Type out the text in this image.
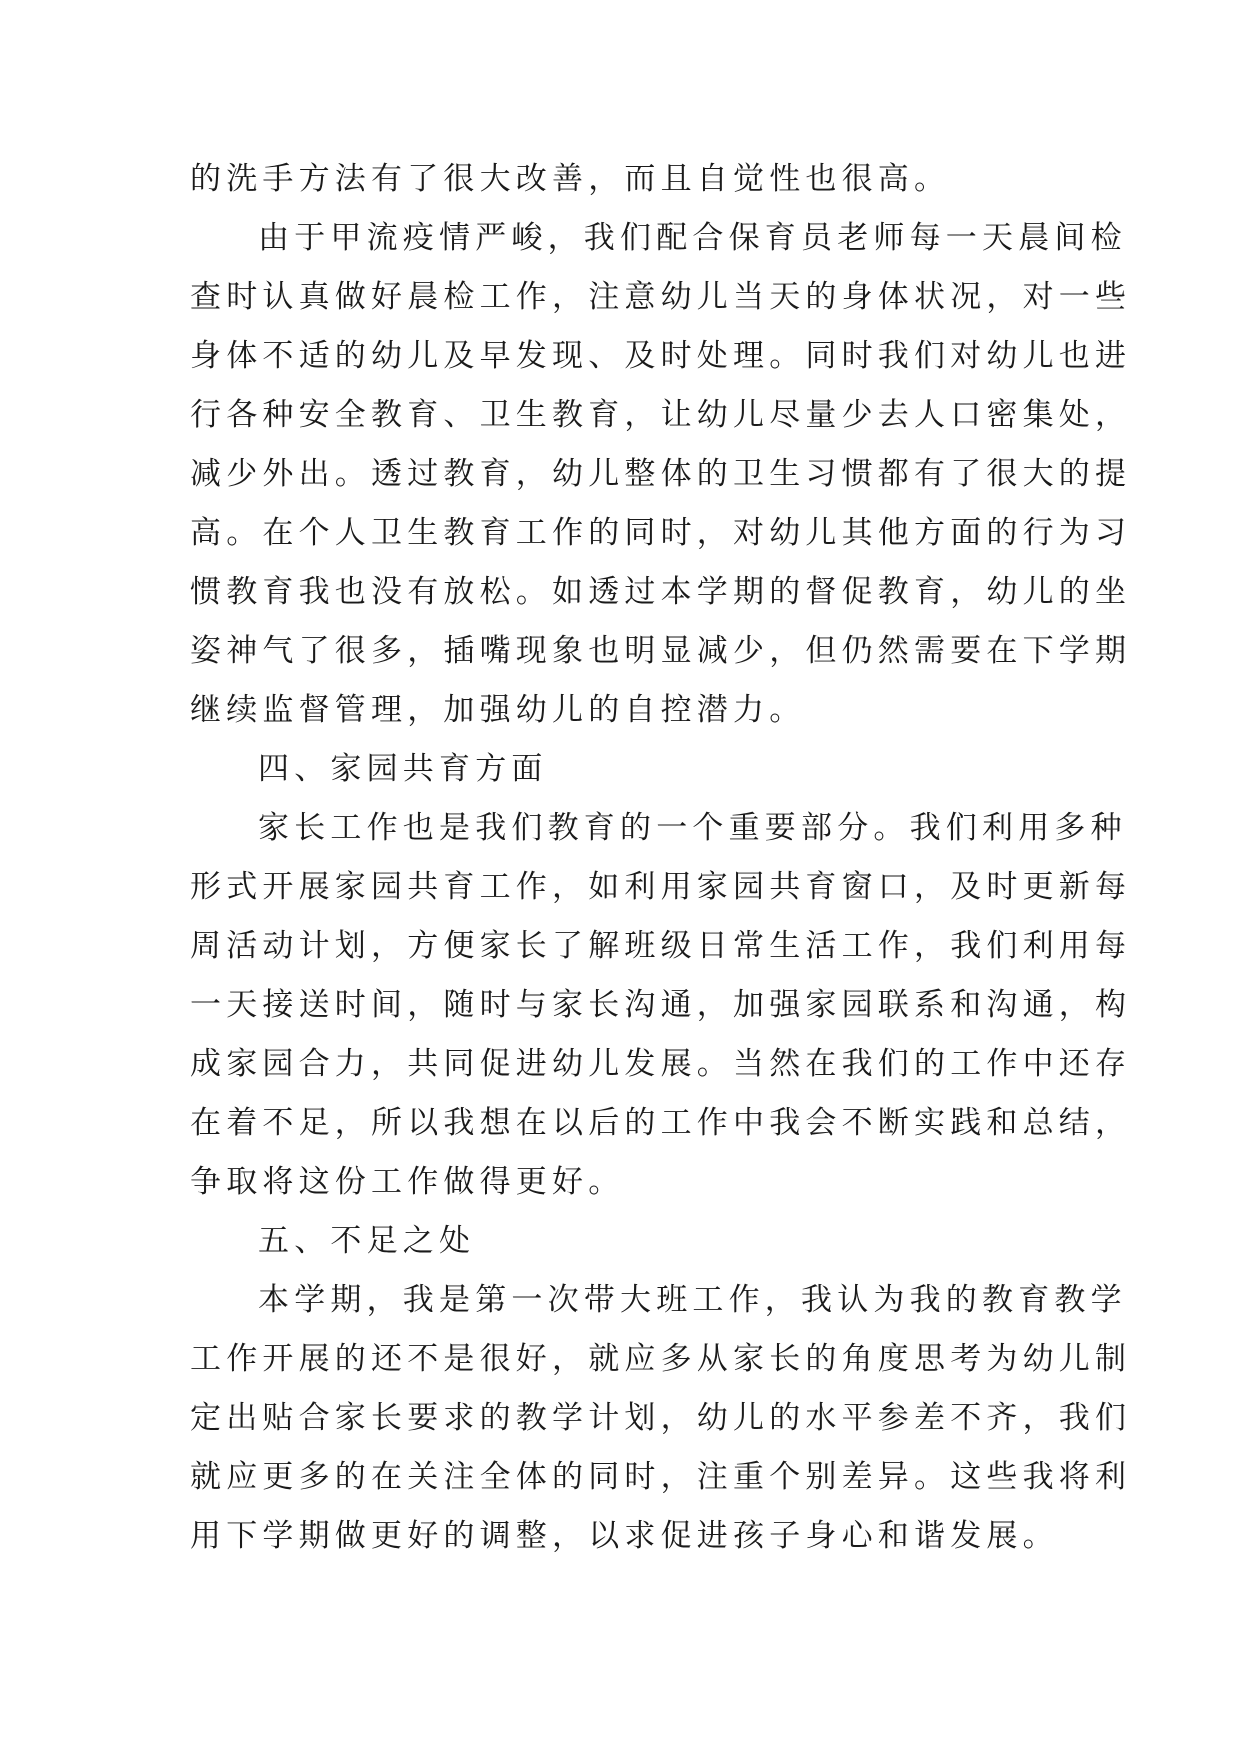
的洗手方法有了很大改善，而且自觉性也很高。
由于甲流疫情严峻，我们配合保育员老师每一天晨间检
查时认真做好晨检工作，注意幼儿当天的身体状况，对一些
身体不适的幼儿及早发现、及时处理。同时我们对幼儿也进
行各种安全教育、卫生教育，让幼儿尽量少去人口密集处，
减少外出。透过教育，幼儿整体的卫生习惯都有了很大的提
高。在个人卫生教育工作的同时，对幼儿其他方面的行为习
惯教育我也没有放松。如透过本学期的督促教育，幼儿的坐
姿神气了很多，插嘴现象也明显减少，但仍然需要在下学期
继续监督管理，加强幼儿的自控潜力。
四、家园共育方面
家长工作也是我们教育的一个重要部分。我们利用多种
形式开展家园共育工作，如利用家园共育窗口，及时更新每
周活动计划，方便家长了解班级日常生活工作，我们利用每
一天接送时间，随时与家长沟通，加强家园联系和沟通，构
成家园合力，共同促进幼儿发展。当然在我们的工作中还存
在着不足，所以我想在以后的工作中我会不断实践和总结，
争取将这份工作做得更好。
五、不足之处
本学期，我是第一次带大班工作，我认为我的教育教学
工作开展的还不是很好，就应多从家长的角度思考为幼儿制
定出贴合家长要求的教学计划，幼儿的水平参差不齐，我们
就应更多的在关注全体的同时，注重个别差异。这些我将利
用下学期做更好的调整，以求促进孩子身心和谐发展。
